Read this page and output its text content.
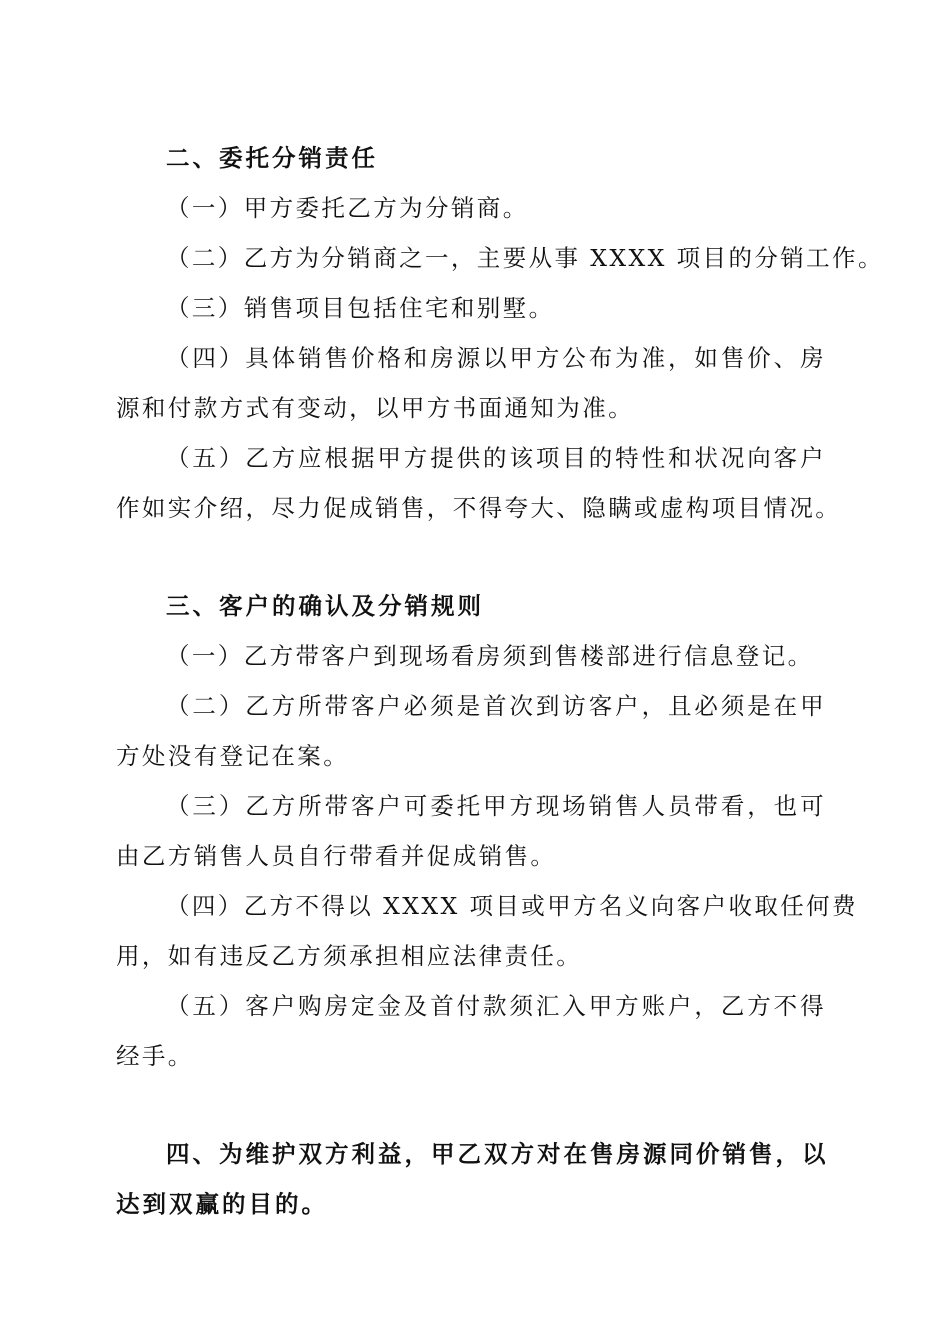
二、委托分销责任
（一）甲方委托乙方为分销商。
（二）乙方为分销商之一，主要从事 XXXX 项目的分销工作。
（三）销售项目包括住宅和别墅。
（四）具体销售价格和房源以甲方公布为准，如售价、房
源和付款方式有变动，以甲方书面通知为准。
（五）乙方应根据甲方提供的该项目的特性和状况向客户
作如实介绍，尽力促成销售，不得夸大、隐瞒或虚构项目情况。
三、客户的确认及分销规则
（一）乙方带客户到现场看房须到售楼部进行信息登记。
（二）乙方所带客户必须是首次到访客户，且必须是在甲
方处没有登记在案。
（三）乙方所带客户可委托甲方现场销售人员带看，也可
由乙方销售人员自行带看并促成销售。
（四）乙方不得以 XXXX 项目或甲方名义向客户收取任何费
用，如有违反乙方须承担相应法律责任。
（五）客户购房定金及首付款须汇入甲方账户，乙方不得
经手。
四、为维护双方利益，甲乙双方对在售房源同价销售，以
达到双赢的目的。
